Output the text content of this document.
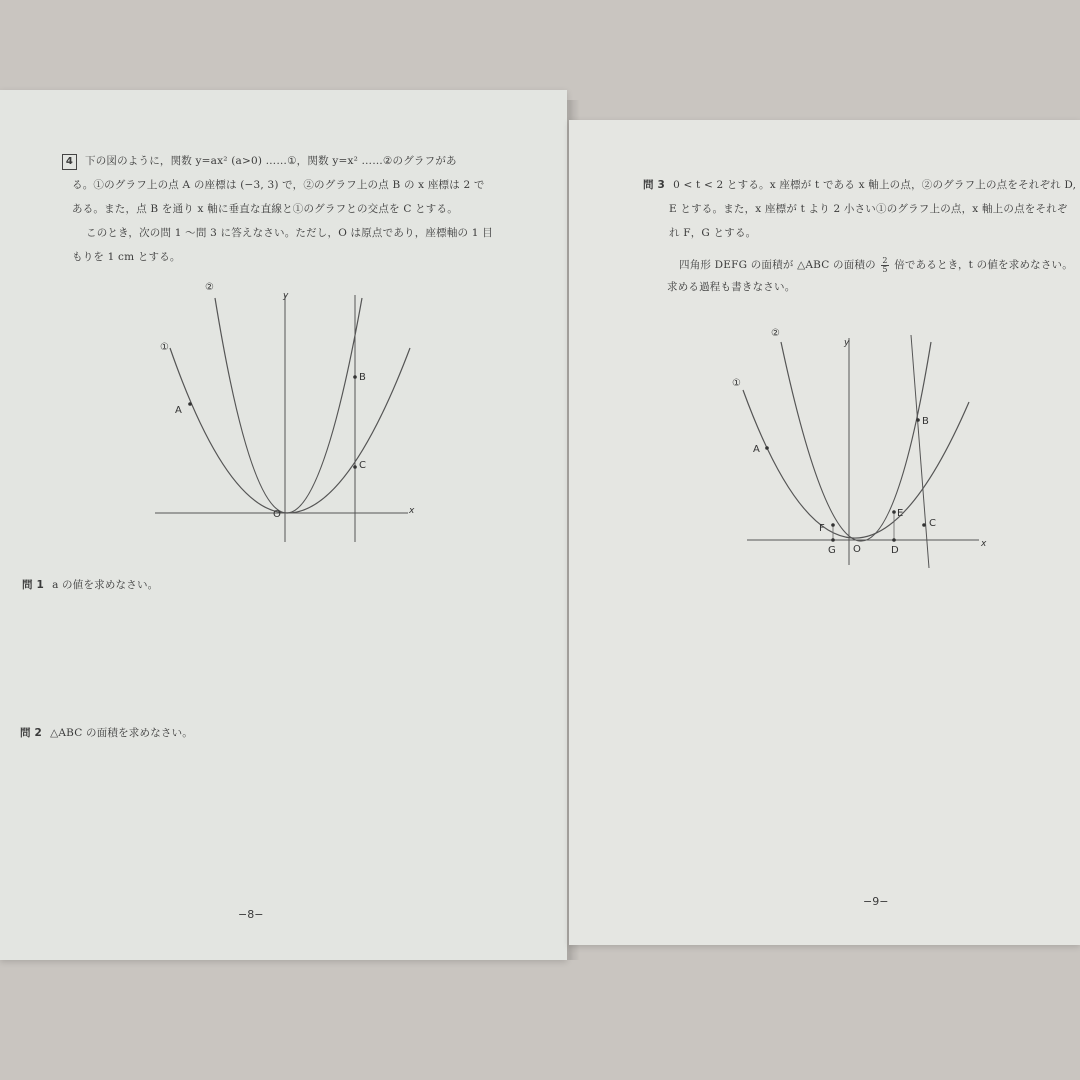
4 下の図のように，関数 y=ax² (a>0) ……①，関数 y=x² ……②のグラフがあ
る。①のグラフ上の点 A の座標は (−3, 3) で，②のグラフ上の点 B の x 座標は 2 で
ある。また，点 B を通り x 軸に垂直な直線と①のグラフとの交点を C とする。
このとき，次の問 1 ～問 3 に答えなさい。ただし，O は原点であり，座標軸の 1 目
もりを 1 cm とする。
①
②
y
x
A
B
C
O
問 1 a の値を求めなさい。
問 2 △ABC の面積を求めなさい。
−8−
問 3 0 < t < 2 とする。x 座標が t である x 軸上の点，②のグラフ上の点をそれぞれ D,
E とする。また，x 座標が t より 2 小さい①のグラフ上の点，x 軸上の点をそれぞ
れ F，G とする。
四角形 DEFG の面積が △ABC の面積の $\frac{2}{5}$ 倍であるとき，t の値を求めなさい。
求める過程も書きなさい。
①
②
y
x
A
B
C
D
E
F
G O
−9−
